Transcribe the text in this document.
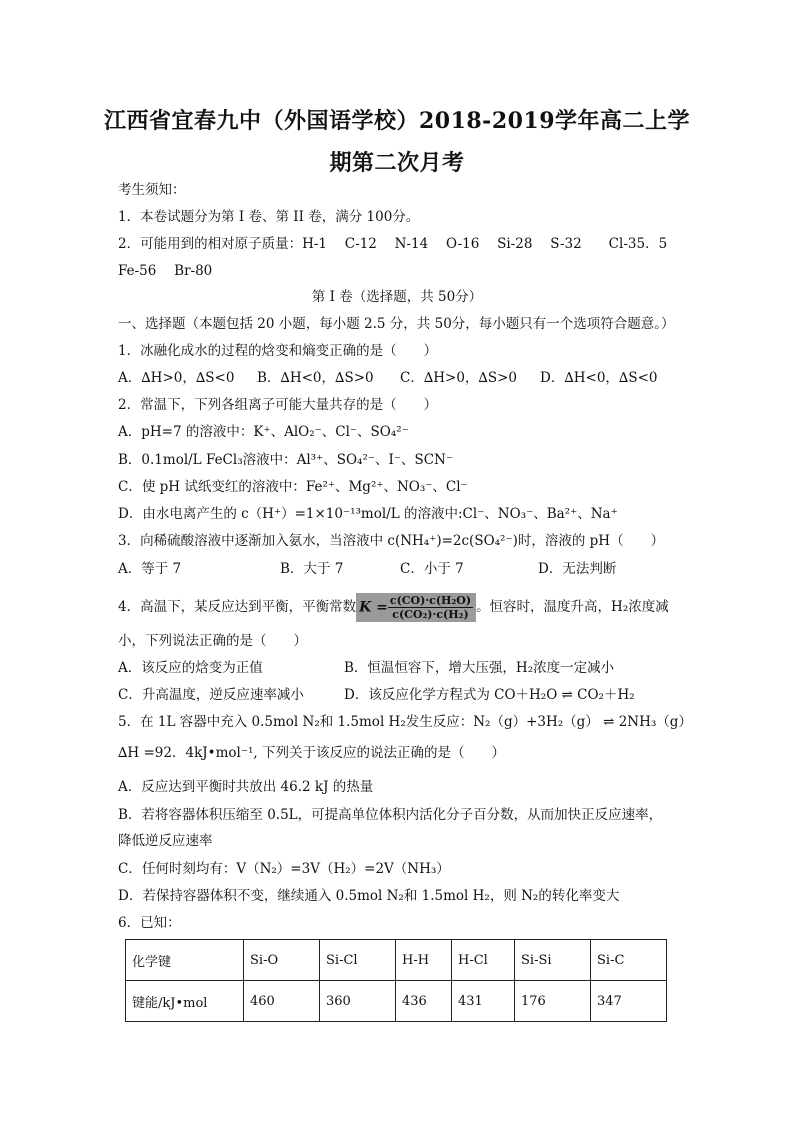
江西省宜春九中（外国语学校）2018-2019学年高二上学
期第二次月考
考生须知：
1．本卷试题分为第 I 卷、第 II 卷，满分 100分。
2．可能用到的相对原子质量：H-1　 C-12　 N-14　 O-16　 Si-28　 S-32　　Cl-35．5
Fe-56　 Br-80
第 I 卷（选择题，共 50分）
一、选择题（本题包括 20 小题，每小题 2.5 分，共 50分，每小题只有一个选项符合题意。）
1．冰融化成水的过程的焓变和熵变正确的是（　　）
A．∆H>0，∆S<0 B．∆H<0，∆S>0 C．∆H>0，∆S>0 D．∆H<0，∆S<0
2．常温下，下列各组离子可能大量共存的是（　　）
A．pH=7 的溶液中：K⁺、AlO₂⁻、Cl⁻、SO₄²⁻
B．0.1mol/L FeCl₃溶液中：Al³⁺、SO₄²⁻、I⁻、SCN⁻
C．使 pH 试纸变红的溶液中：Fe²⁺、Mg²⁺、NO₃⁻、Cl⁻
D．由水电离产生的 c（H⁺）=1×10⁻¹³mol/L 的溶液中:Cl⁻、NO₃⁻、Ba²⁺、Na⁺
3．向稀硫酸溶液中逐渐加入氨水，当溶液中 c(NH₄⁺)=2c(SO₄²⁻)时，溶液的 pH（　　）
A．等于 7	B．大于 7	C．小于 7	D．无法判断
4．高温下，某反应达到平衡，平衡常数 $K = \frac{\text{c(CO)·c(H₂O)}}{\text{c(CO₂)·c(H₂)}}$ 。恒容时，温度升高，H₂浓度减
小，下列说法正确的是（　　）
A．该反应的焓变为正值	B．恒温恒容下，增大压强，H₂浓度一定减小
C．升高温度，逆反应速率减小	D．该反应化学方程式为 CO＋H₂O ⇌ CO₂＋H₂
5．在 1L 容器中充入 0.5mol N₂和 1.5mol H₂发生反应：N₂（g）+3H₂（g） ⇌ 2NH₃（g）
∆H =92．4kJ•mol⁻¹, 下列关于该反应的说法正确的是（　　）
A．反应达到平衡时共放出 46.2 kJ 的热量
B．若将容器体积压缩至 0.5L，可提高单位体积内活化分子百分数，从而加快正反应速率，
降低逆反应速率
C．任何时刻均有：V（N₂）=3V（H₂）=2V（NH₃）
D．若保持容器体积不变，继续通入 0.5mol N₂和 1.5mol H₂，则 N₂的转化率变大
6．已知：
化学键	Si-O	Si-Cl	H-H	H-Cl	Si-Si	Si-C
键能/kJ•mol	460	360	436	431	176	347
